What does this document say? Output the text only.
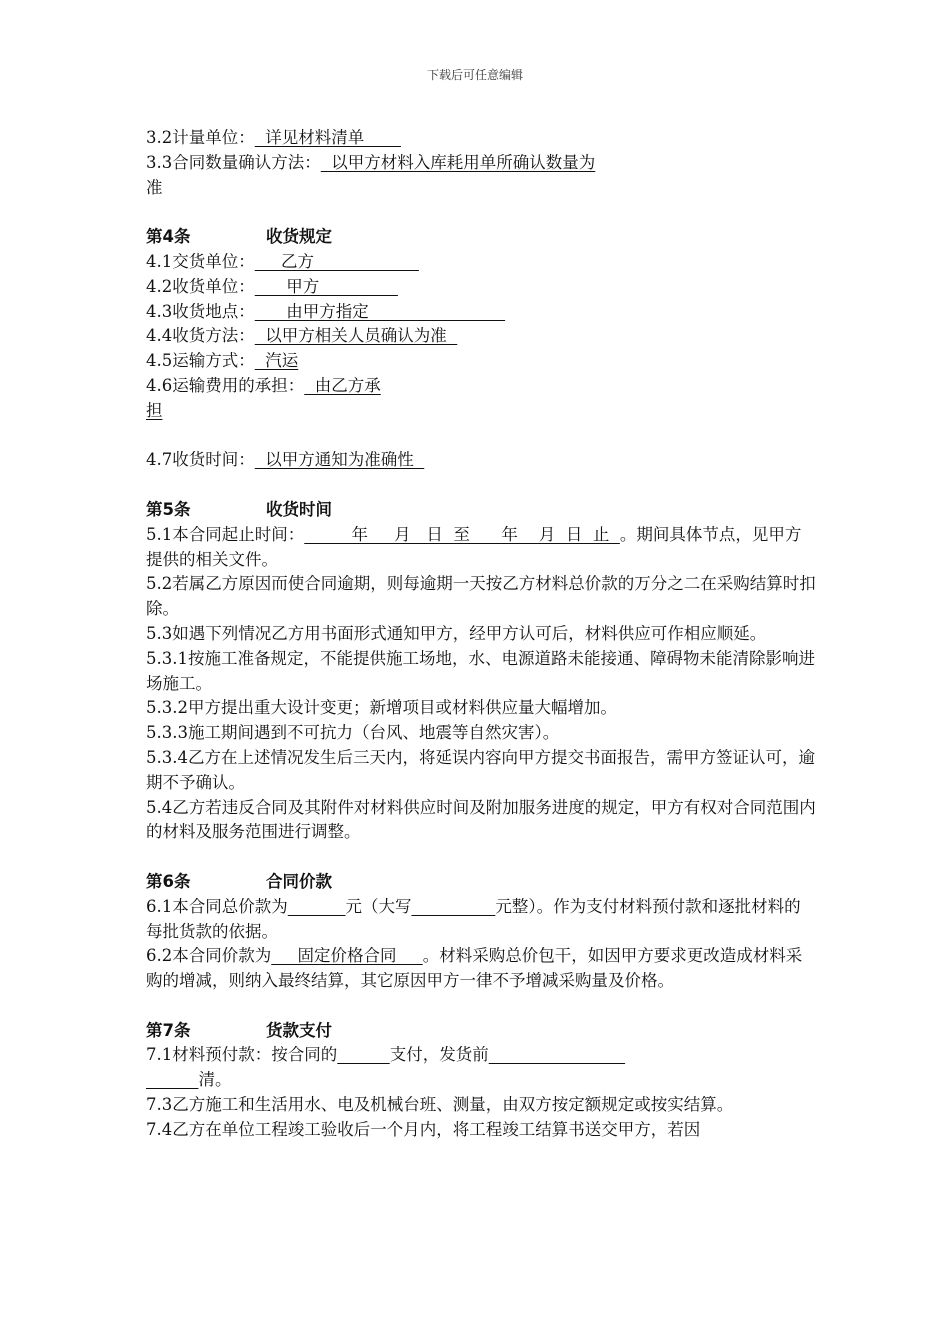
下载后可任意编辑
3.2计量单位：  详见材料清单
3.3合同数量确认方法：  以甲方材料入库耗用单所确认数量为
准
第4条	收货规定
4.1交货单位：     乙方
4.2收货单位：      甲方
4.3收货地点：      由甲方指定
4.4收货方法：  以甲方相关人员确认为准
4.5运输方式：  汽运
4.6运输费用的承担：  由乙方承
担
4.7收货时间：  以甲方通知为准确性
第5条	收货时间
5.1本合同起止时间：         年     月   日  至      年    月  日  止  。期间具体节点，见甲方提供的相关文件。
5.2若属乙方原因而使合同逾期，则每逾期一天按乙方材料总价款的万分之二在采购结算时扣除。
5.3如遇下列情况乙方用书面形式通知甲方，经甲方认可后，材料供应可作相应顺延。
5.3.1按施工准备规定，不能提供施工场地，水、电源道路未能接通、障碍物未能清除影响进场施工。
5.3.2甲方提出重大设计变更；新增项目或材料供应量大幅增加。
5.3.3施工期间遇到不可抗力（台风、地震等自然灾害）。
5.3.4乙方在上述情况发生后三天内，将延误内容向甲方提交书面报告，需甲方签证认可，逾期不予确认。
5.4乙方若违反合同及其附件对材料供应时间及附加服务进度的规定，甲方有权对合同范围内的材料及服务范围进行调整。
第6条	合同价款
6.1本合同总价款为	元（大写	元整）。作为支付材料预付款和逐批材料的每批货款的依据。
6.2本合同价款为     固定价格合同     。材料采购总价包干，如因甲方要求更改造成材料采购的增减，则纳入最终结算，其它原因甲方一律不予增减采购量及价格。
第7条	货款支付
7.1材料预付款：按合同的	支付，发货前
清。
7.3乙方施工和生活用水、电及机械台班、测量，由双方按定额规定或按实结算。
7.4乙方在单位工程竣工验收后一个月内，将工程竣工结算书送交甲方，若因
